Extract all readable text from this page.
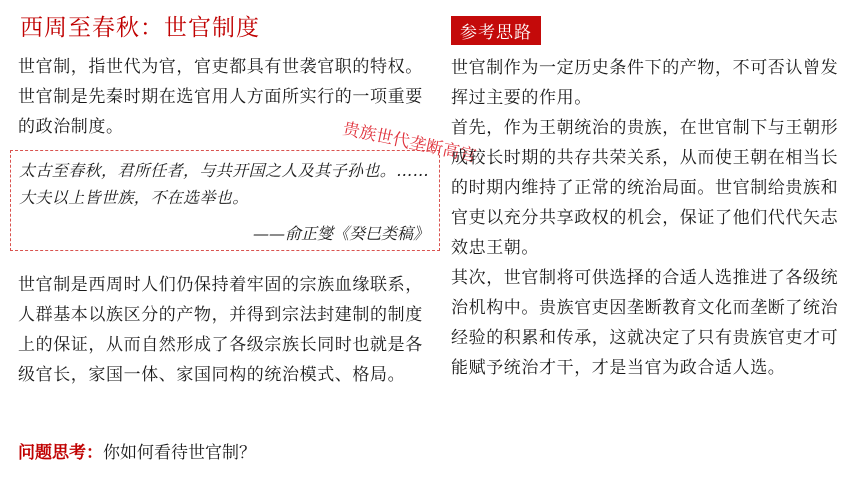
西周至春秋：世官制度
世官制，指世代为官，官吏都具有世袭官职的特权。世官制是先秦时期在选官用人方面所实行的一项重要的政治制度。
太古至春秋，君所任者，与共开国之人及其子孙也。……大夫以上皆世族，不在选举也。
——俞正燮《癸巳类稿》
贵族世代垄断高官
世官制是西周时人们仍保持着牢固的宗族血缘联系，人群基本以族区分的产物，并得到宗法封建制的制度上的保证，从而自然形成了各级宗族长同时也就是各级官长，家国一体、家国同构的统治模式、格局。
问题思考：你如何看待世官制？
参考思路

世官制作为一定历史条件下的产物，不可否认曾发挥过主要的作用。

首先，作为王朝统治的贵族，在世官制下与王朝形成较长时期的共存共荣关系，从而使王朝在相当长的时期内维持了正常的统治局面。世官制给贵族和官吏以充分共享政权的机会，保证了他们代代矢志效忠王朝。

其次，世官制将可供选择的合适人选推进了各级统治机构中。贵族官吏因垄断教育文化而垄断了统治经验的积累和传承，这就决定了只有贵族官吏才可能赋予统治才干，才是当官为政合适人选。
